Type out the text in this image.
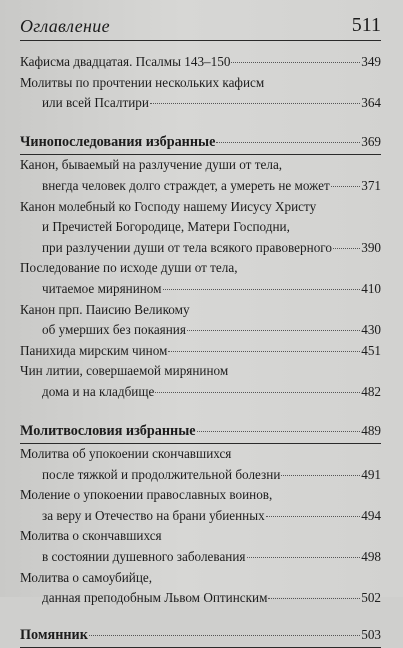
Оглавление	511
Кафисма двадцатая. Псалмы 143–150	349
Молитвы по прочтении нескольких кафисм
или всей Псалтири	364
Чинопоследования избранные	369
Канон, бываемый на разлучение души от тела,
внегда человек долго страждет, а умереть не может 371
Канон молебный ко Господу нашему Иисусу Христу
и Пречистей Богородице, Матери Господни,
при разлучении души от тела всякого правоверного 390
Последование по исходе души от тела,
читаемое мирянином	410
Канон прп. Паисию Великому
об умерших без покаяния	430
Панихида мирским чином	451
Чин литии, совершаемой мирянином
дома и на кладбище	482
Молитвословия избранные	489
Молитва об упокоении скончавшихся
после тяжкой и продолжительной болезни	491
Моление о упокоении православных воинов,
за веру и Отечество на брани убиенных	494
Молитва о скончавшихся
в состоянии душевного заболевания	498
Молитва о самоубийце,
данная преподобным Львом Оптинским	502
Помянник	503
